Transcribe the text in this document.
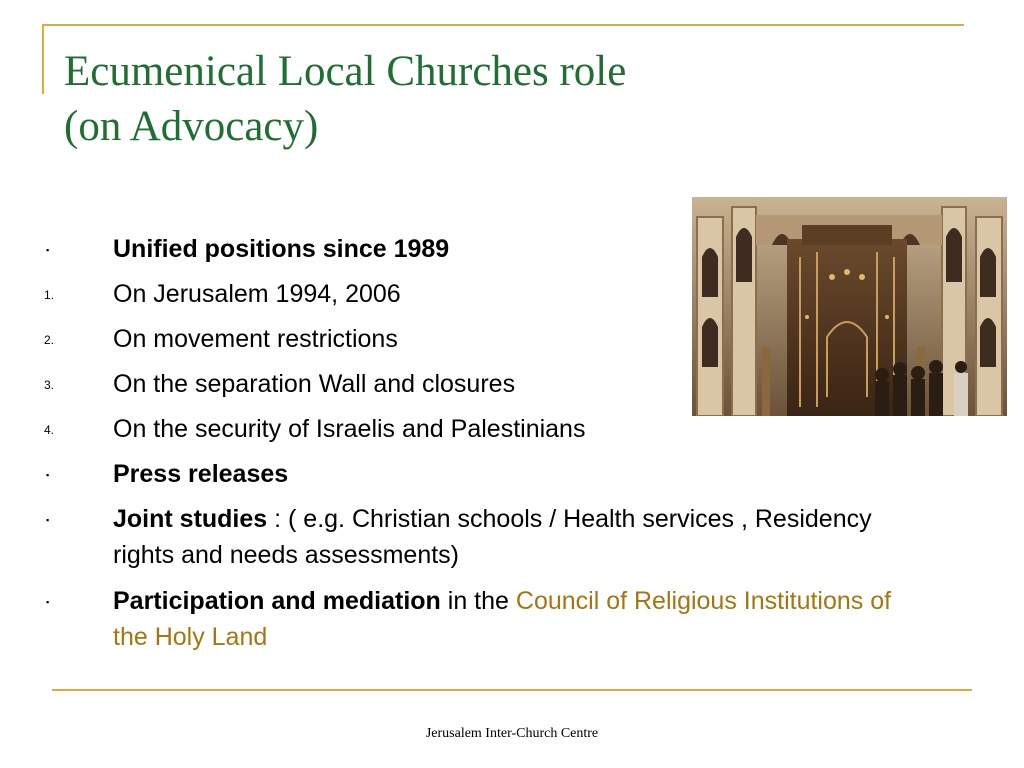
Ecumenical Local Churches role
(on Advocacy)
▪	Unified positions since 1989
1.	On Jerusalem 1994, 2006
2.	On movement restrictions
3.	On the separation Wall and closures
4.	On the security of Israelis and Palestinians
▪	Press releases
▪	Joint studies : ( e.g. Christian schools / Health services , Residency rights and needs assessments)
▪	Participation and mediation in the Council of Religious Institutions of the Holy Land
Jerusalem Inter-Church Centre
